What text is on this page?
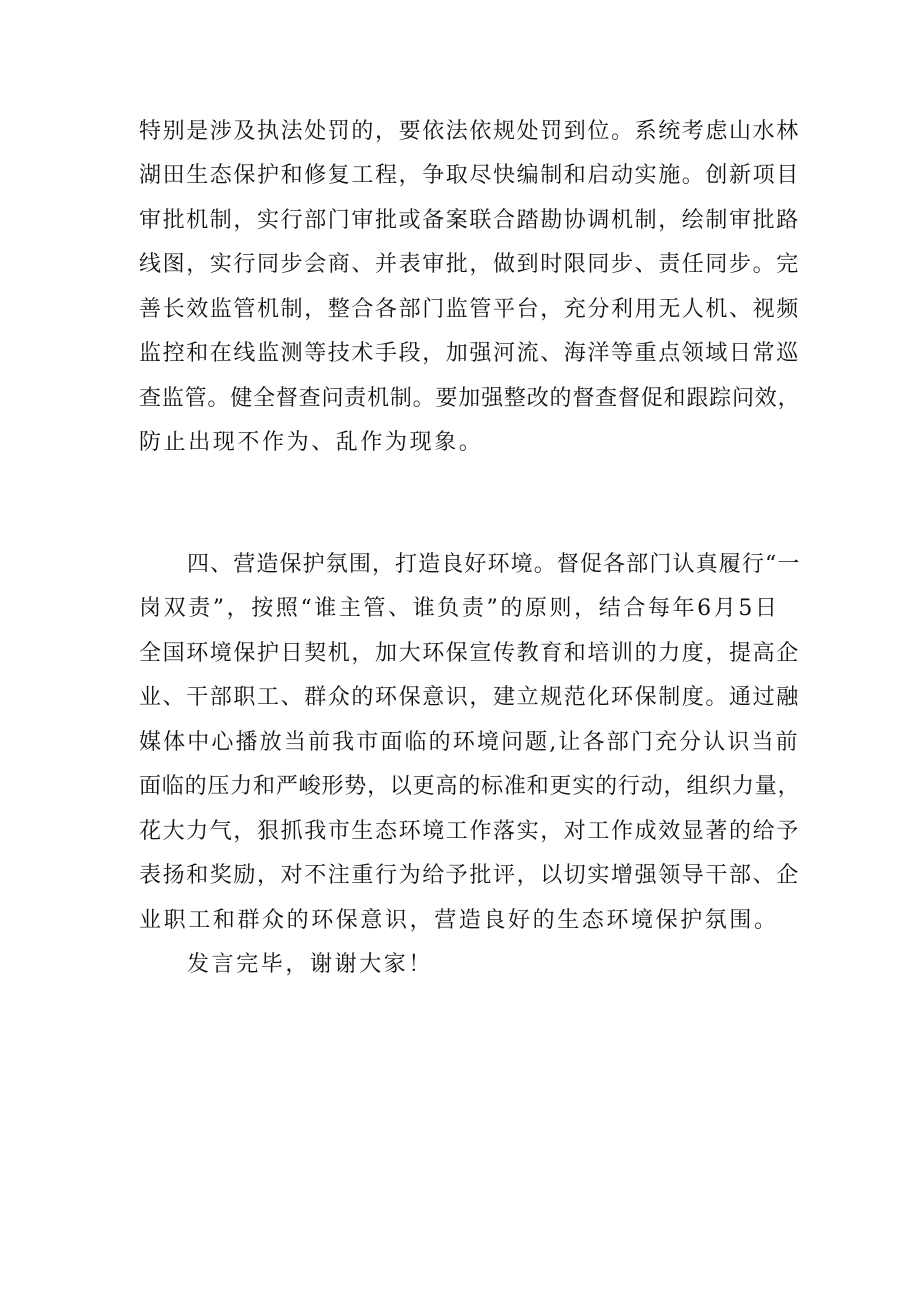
特别是涉及执法处罚的，要依法依规处罚到位。系统考虑山水林
湖田生态保护和修复工程，争取尽快编制和启动实施。创新项目
审批机制，实行部门审批或备案联合踏勘协调机制，绘制审批路
线图，实行同步会商、并表审批，做到时限同步、责任同步。完
善长效监管机制，整合各部门监管平台，充分利用无人机、视频
监控和在线监测等技术手段，加强河流、海洋等重点领域日常巡
查监管。健全督查问责机制。要加强整改的督查督促和跟踪问效，
防止出现不作为、乱作为现象。
四、营造保护氛围，打造良好环境。督促各部门认真履行“一
岗双责”，按照“谁主管、谁负责”的原则，结合每年6月5日
全国环境保护日契机，加大环保宣传教育和培训的力度，提高企
业、干部职工、群众的环保意识，建立规范化环保制度。通过融
媒体中心播放当前我市面临的环境问题,让各部门充分认识当前
面临的压力和严峻形势，以更高的标准和更实的行动，组织力量，
花大力气，狠抓我市生态环境工作落实，对工作成效显著的给予
表扬和奖励，对不注重行为给予批评，以切实增强领导干部、企
业职工和群众的环保意识，营造良好的生态环境保护氛围。
发言完毕，谢谢大家！
